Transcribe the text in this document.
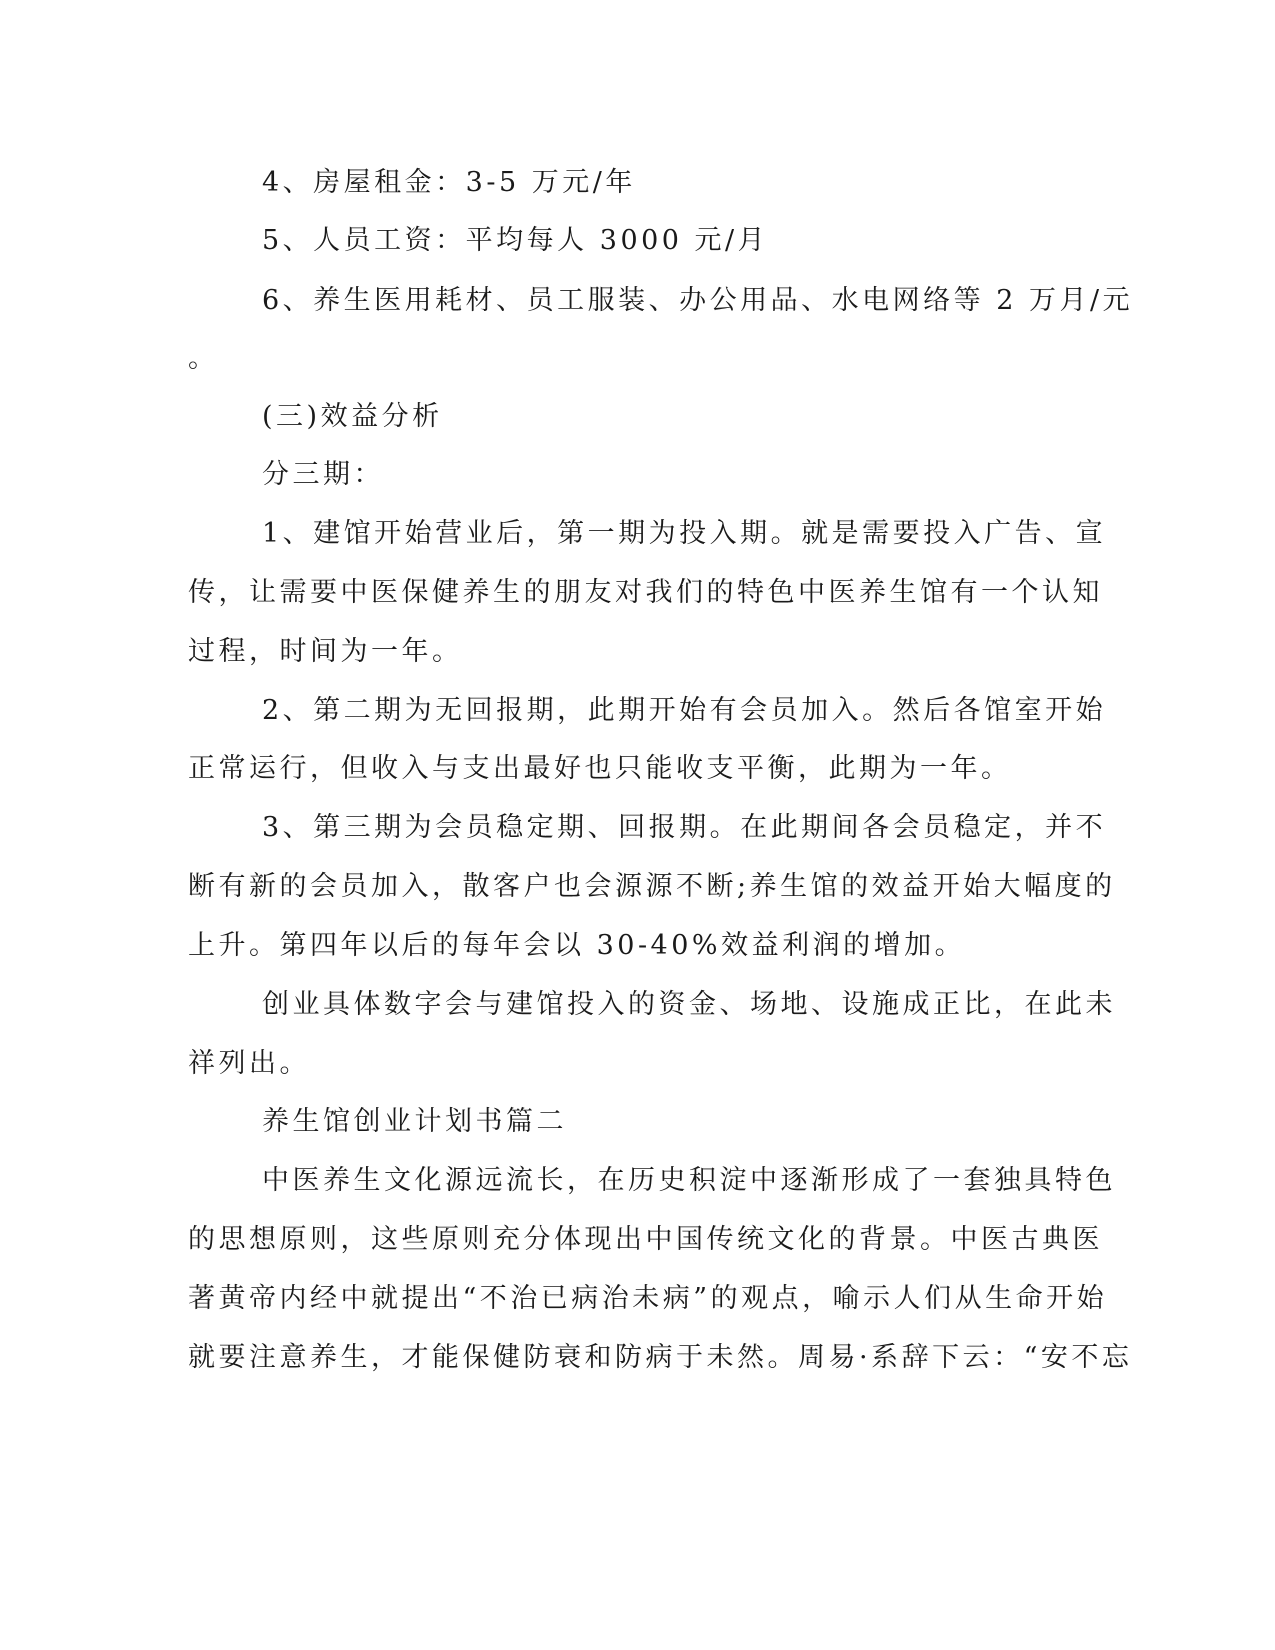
4、房屋租金：3-5 万元/年
5、人员工资：平均每人 3000 元/月
6、养生医用耗材、员工服装、办公用品、水电网络等 2 万月/元
。
(三)效益分析
分三期：
1、建馆开始营业后，第一期为投入期。就是需要投入广告、宣
传，让需要中医保健养生的朋友对我们的特色中医养生馆有一个认知
过程，时间为一年。
2、第二期为无回报期，此期开始有会员加入。然后各馆室开始
正常运行，但收入与支出最好也只能收支平衡，此期为一年。
3、第三期为会员稳定期、回报期。在此期间各会员稳定，并不
断有新的会员加入，散客户也会源源不断;养生馆的效益开始大幅度的
上升。第四年以后的每年会以 30-40%效益利润的增加。
创业具体数字会与建馆投入的资金、场地、设施成正比，在此未
祥列出。
养生馆创业计划书篇二
中医养生文化源远流长，在历史积淀中逐渐形成了一套独具特色
的思想原则，这些原则充分体现出中国传统文化的背景。中医古典医
著黄帝内经中就提出“不治已病治未病”的观点，喻示人们从生命开始
就要注意养生，才能保健防衰和防病于未然。周易·系辞下云：“安不忘
